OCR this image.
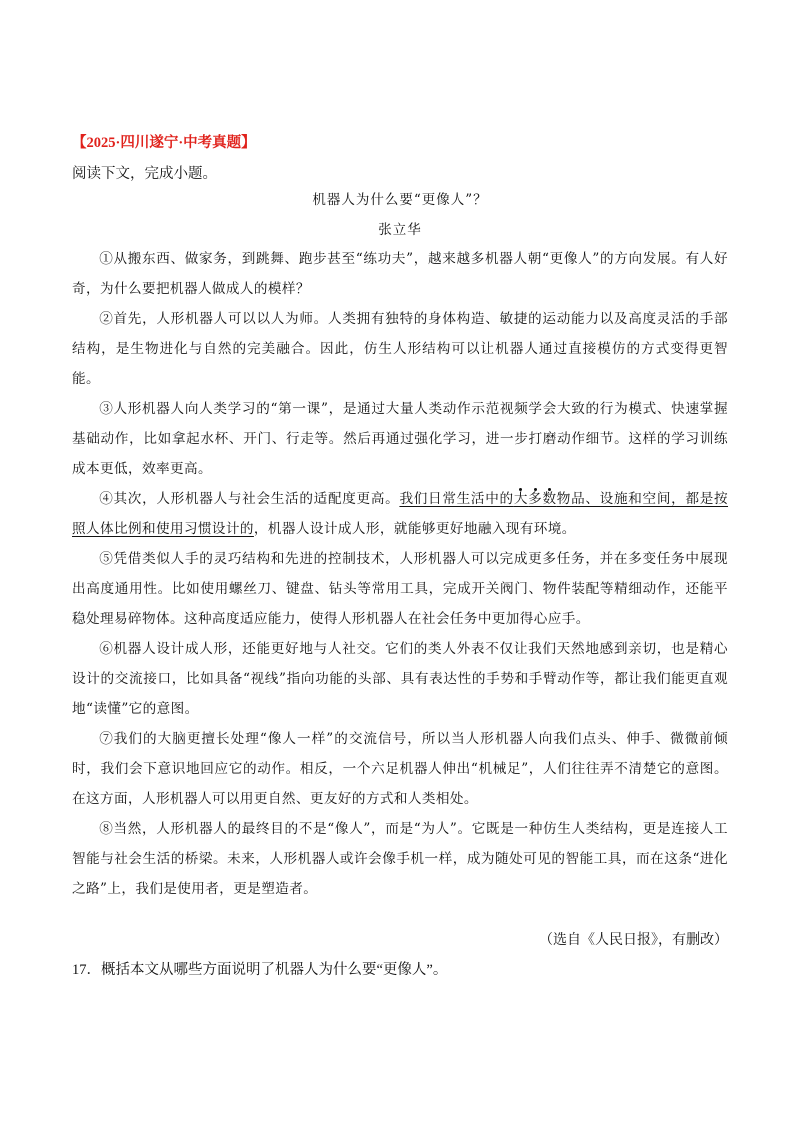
【2025·四川遂宁·中考真题】
阅读下文，完成小题。
机器人为什么要“更像人”？
张立华

①从搬东西、做家务，到跳舞、跑步甚至“练功夫”，越来越多机器人朝“更像人”的方向发展。有人好奇，为什么要把机器人做成人的模样？

②首先，人形机器人可以以人为师。人类拥有独特的身体构造、敏捷的运动能力以及高度灵活的手部结构，是生物进化与自然的完美融合。因此，仿生人形结构可以让机器人通过直接模仿的方式变得更智能。

③人形机器人向人类学习的“第一课”，是通过大量人类动作示范视频学会大致的行为模式、快速掌握基础动作，比如拿起水杯、开门、行走等。然后再通过强化学习，进一步打磨动作细节。这样的学习训练成本更低，效率更高。

④其次，人形机器人与社会生活的适配度更高。我们日常生活中的大多数物品、设施和空间，都是按照人体比例和使用习惯设计的，机器人设计成人形，就能够更好地融入现有环境。

⑤凭借类似人手的灵巧结构和先进的控制技术，人形机器人可以完成更多任务，并在多变任务中展现出高度通用性。比如使用螺丝刀、键盘、钻头等常用工具，完成开关阀门、物件装配等精细动作，还能平稳处理易碎物体。这种高度适应能力，使得人形机器人在社会任务中更加得心应手。

⑥机器人设计成人形，还能更好地与人社交。它们的类人外表不仅让我们天然地感到亲切，也是精心设计的交流接口，比如具备“视线”指向功能的头部、具有表达性的手势和手臂动作等，都让我们能更直观地“读懂”它的意图。

⑦我们的大脑更擅长处理“像人一样”的交流信号，所以当人形机器人向我们点头、伸手、微微前倾时，我们会下意识地回应它的动作。相反，一个六足机器人伸出“机械足”，人们往往弄不清楚它的意图。在这方面，人形机器人可以用更自然、更友好的方式和人类相处。

⑧当然，人形机器人的最终目的不是“像人”，而是“为人”。它既是一种仿生人类结构，更是连接人工智能与社会生活的桥梁。未来，人形机器人或许会像手机一样，成为随处可见的智能工具，而在这条“进化之路”上，我们是使用者，更是塑造者。

（选自《人民日报》，有删改）
17．概括本文从哪些方面说明了机器人为什么要“更像人”。
